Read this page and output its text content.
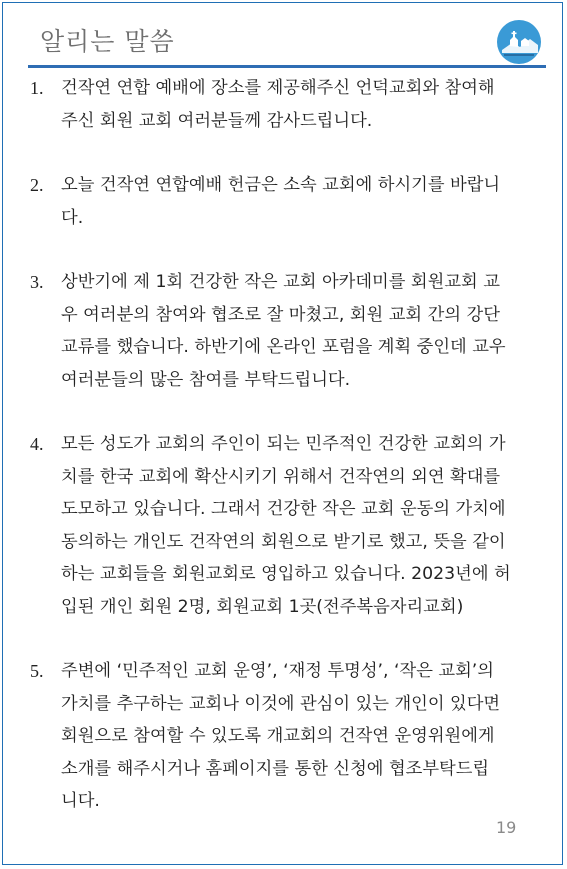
알리는 말씀
1.	건작연 연합 예배에 장소를 제공해주신 언덕교회와 참여해
주신 회원 교회 여러분들께 감사드립니다.
2.	오늘 건작연 연합예배 헌금은 소속 교회에 하시기를 바랍니
다.
3.	상반기에 제 1회 건강한 작은 교회 아카데미를 회원교회 교
우 여러분의 참여와 협조로 잘 마쳤고, 회원 교회 간의 강단
교류를 했습니다. 하반기에 온라인 포럼을 계획 중인데 교우
여러분들의 많은 참여를 부탁드립니다.
4.	모든 성도가 교회의 주인이 되는 민주적인 건강한 교회의 가
치를 한국 교회에 확산시키기 위해서 건작연의 외연 확대를
도모하고 있습니다. 그래서 건강한 작은 교회 운동의 가치에
동의하는 개인도 건작연의 회원으로 받기로 했고, 뜻을 같이
하는 교회들을 회원교회로 영입하고 있습니다. 2023년에 허
입된 개인 회원 2명, 회원교회 1곳(전주복음자리교회)
5.	주변에 ‘민주적인 교회 운영’, ‘재정 투명성’, ‘작은 교회’의
가치를 추구하는 교회나 이것에 관심이 있는 개인이 있다면
회원으로 참여할 수 있도록 개교회의 건작연 운영위원에게
소개를 해주시거나 홈페이지를 통한 신청에 협조부탁드립
니다.
19
